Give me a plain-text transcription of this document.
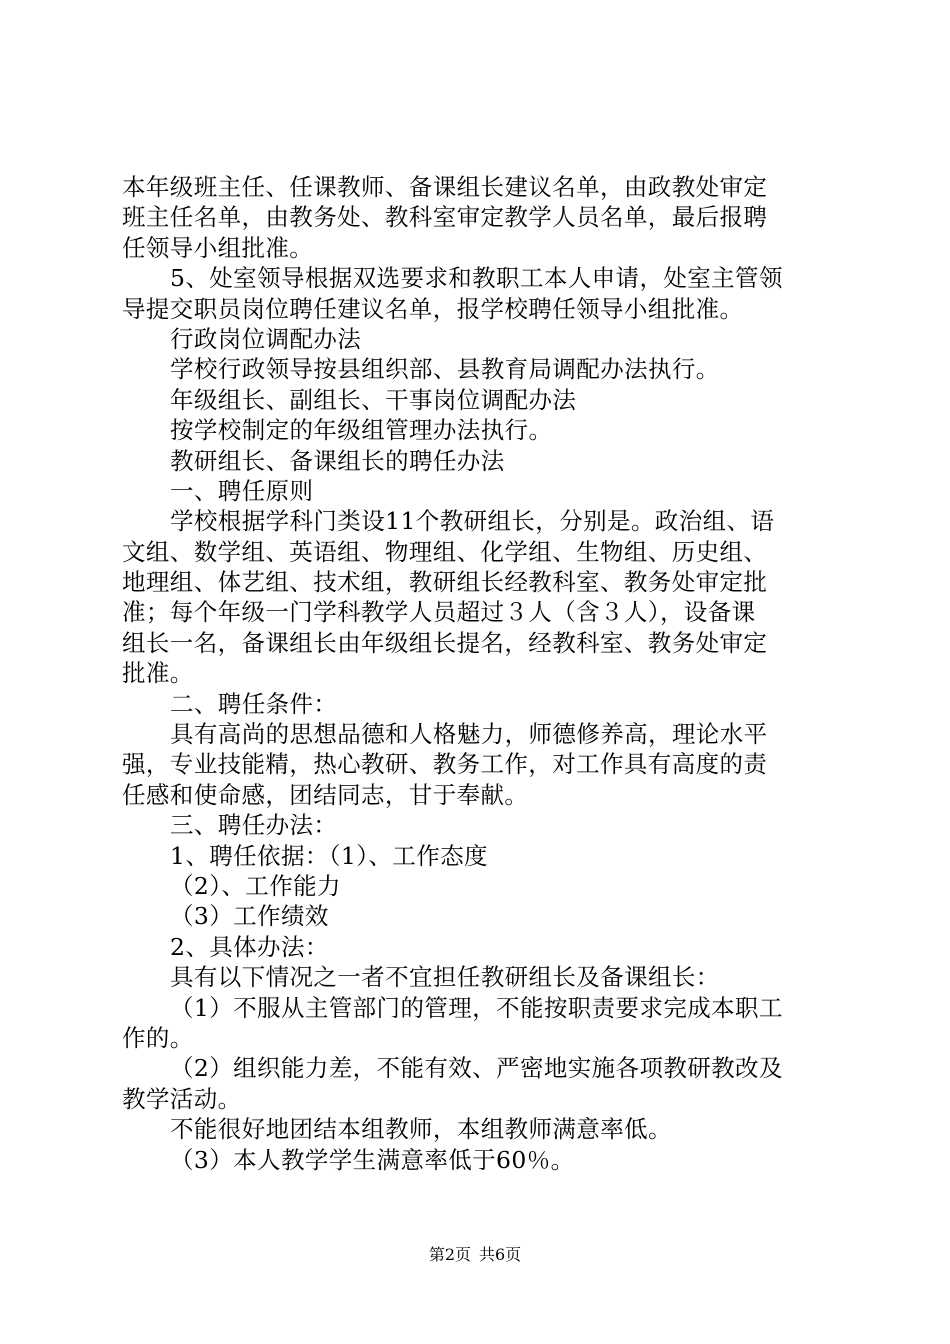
本年级班主任、任课教师、备课组长建议名单，由政教处审定
班主任名单，由教务处、教科室审定教学人员名单，最后报聘
任领导小组批准。
5、处室领导根据双选要求和教职工本人申请，处室主管领
导提交职员岗位聘任建议名单，报学校聘任领导小组批准。
行政岗位调配办法
学校行政领导按县组织部、县教育局调配办法执行。
年级组长、副组长、干事岗位调配办法
按学校制定的年级组管理办法执行。
教研组长、备课组长的聘任办法
一、聘任原则
学校根据学科门类设11个教研组长，分别是。政治组、语
文组、数学组、英语组、物理组、化学组、生物组、历史组、
地理组、体艺组、技术组，教研组长经教科室、教务处审定批
准；每个年级一门学科教学人员超过３人（含３人），设备课
组长一名，备课组长由年级组长提名，经教科室、教务处审定
批准。
二、聘任条件：
具有高尚的思想品德和人格魅力，师德修养高，理论水平
强，专业技能精，热心教研、教务工作，对工作具有高度的责
任感和使命感，团结同志，甘于奉献。
三、聘任办法：
1、聘任依据：（1）、工作态度
（2）、工作能力
（3）工作绩效
2、具体办法：
具有以下情况之一者不宜担任教研组长及备课组长：
（1）不服从主管部门的管理，不能按职责要求完成本职工
作的。
（2）组织能力差，不能有效、严密地实施各项教研教改及
教学活动。
不能很好地团结本组教师，本组教师满意率低。
（3）本人教学学生满意率低于60％。
第2页 共6页
